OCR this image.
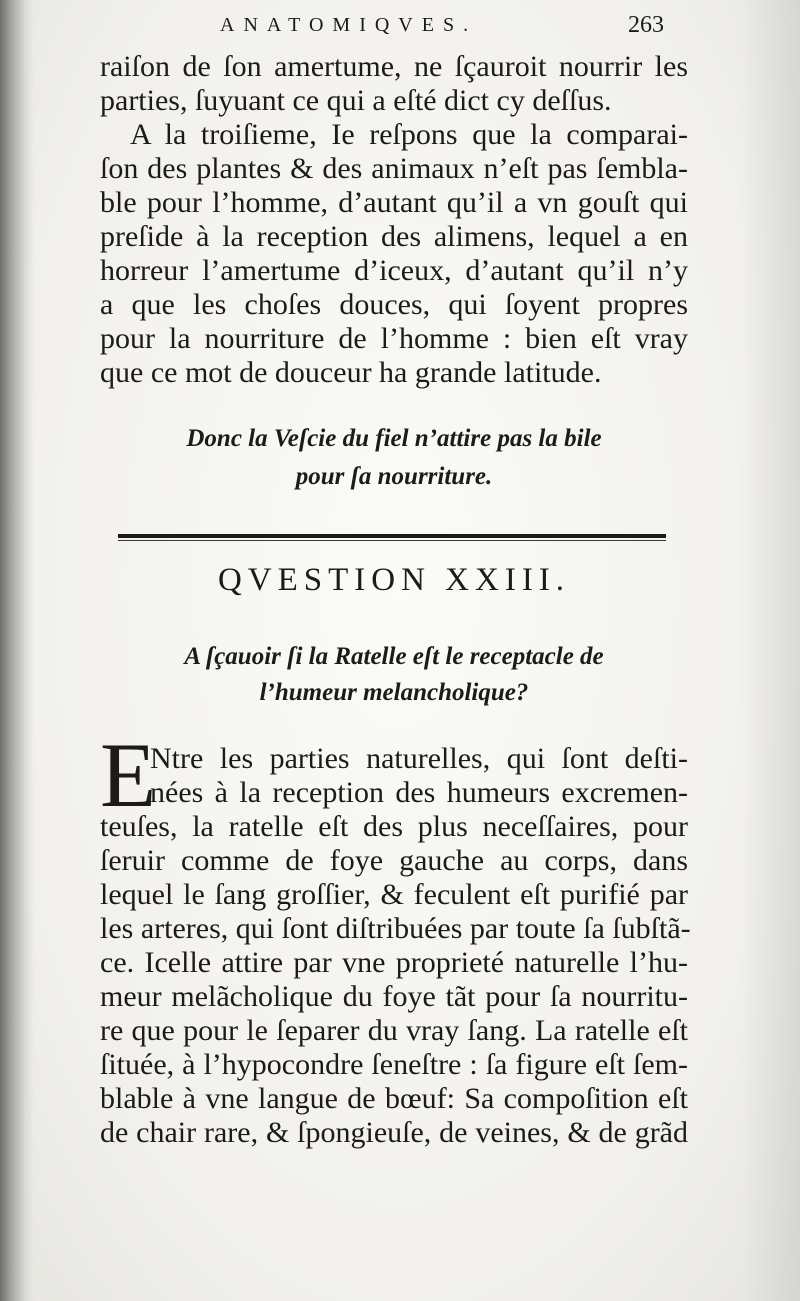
ANATOMIQVES.	263
raiſon de ſon amertume, ne ſçauroit nourrir les
parties, ſuyuant ce qui a eſté dict cy deſſus.
A la troiſieme, Ie reſpons que la comparai-
ſon des plantes & des animaux n’eſt pas ſembla-
ble pour l’homme, d’autant qu’il a vn gouſt qui
preſide à la reception des alimens, lequel a en
horreur l’amertume d’iceux, d’autant qu’il n’y
a que les choſes douces, qui ſoyent propres
pour la nourriture de l’homme : bien eſt vray
que ce mot de douceur ha grande latitude.
Donc la Veſcie du fiel n’attire pas la bile
pour ſa nourriture.
QVESTION XXIII.
A ſçauoir ſi la Ratelle eſt le receptacle de
l’humeur melancholique?
E
Ntre les parties naturelles, qui ſont deſti-
nées à la reception des humeurs excremen-
teuſes, la ratelle eſt des plus neceſſaires, pour
ſeruir comme de foye gauche au corps, dans
lequel le ſang groſſier, & feculent eſt purifié par
les arteres, qui ſont diſtribuées par toute ſa ſubſtã-
ce. Icelle attire par vne proprieté naturelle l’hu-
meur melãcholique du foye tãt pour ſa nourritu-
re que pour le ſeparer du vray ſang. La ratelle eſt
ſituée, à l’hypocondre ſeneſtre : ſa figure eſt ſem-
blable à vne langue de bœuf: Sa compoſition eſt
de chair rare, & ſpongieuſe, de veines, & de grãd
